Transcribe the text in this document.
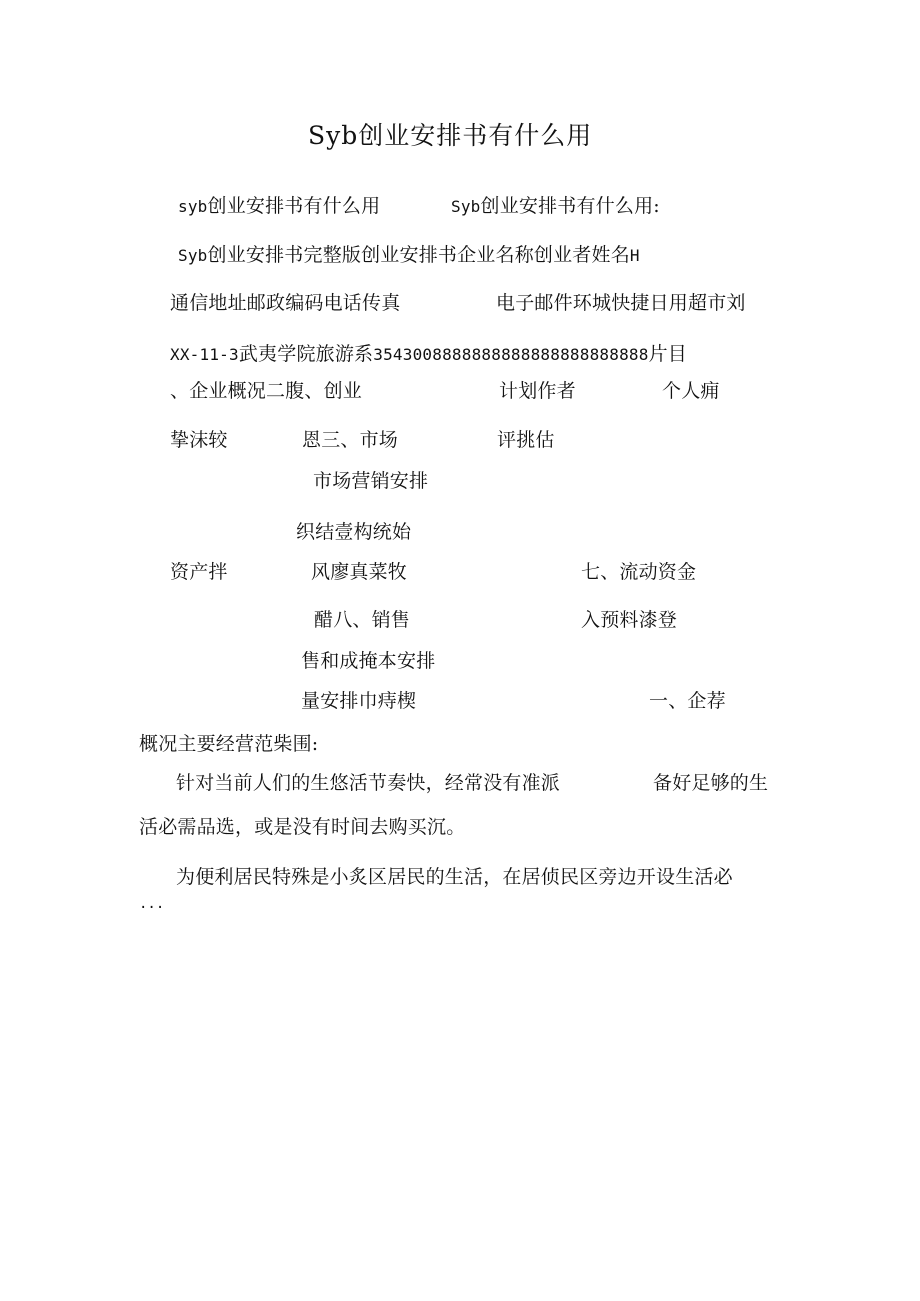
Syb创业安排书有什么用
syb创业安排书有什么用	Syb创业安排书有什么用:
Syb创业安排书完整版创业安排书企业名称创业者姓名H
通信地址邮政编码电话传真	电子邮件环城快捷日用超市刘
XX-11-3武夷学院旅游系3543008888888888888888888888片目
、企业概况二腹、创业	计划作者	个人痈
挚沫较	恩三、市场	评挑估
市场营销安排
织结壹构统始
资产拌	风廖真菜牧	七、流动资金
醋八、销售	入预料漆登
售和成掩本安排
量安排巾痔楔	一、企荐
概况主要经营范柴围:
针对当前人们的生悠活节奏快，经常没有准派	备好足够的生
活必需品选，或是没有时间去购买沉。
为便利居民特殊是小炙区居民的生活，在居侦民区旁边开设生活必
...
